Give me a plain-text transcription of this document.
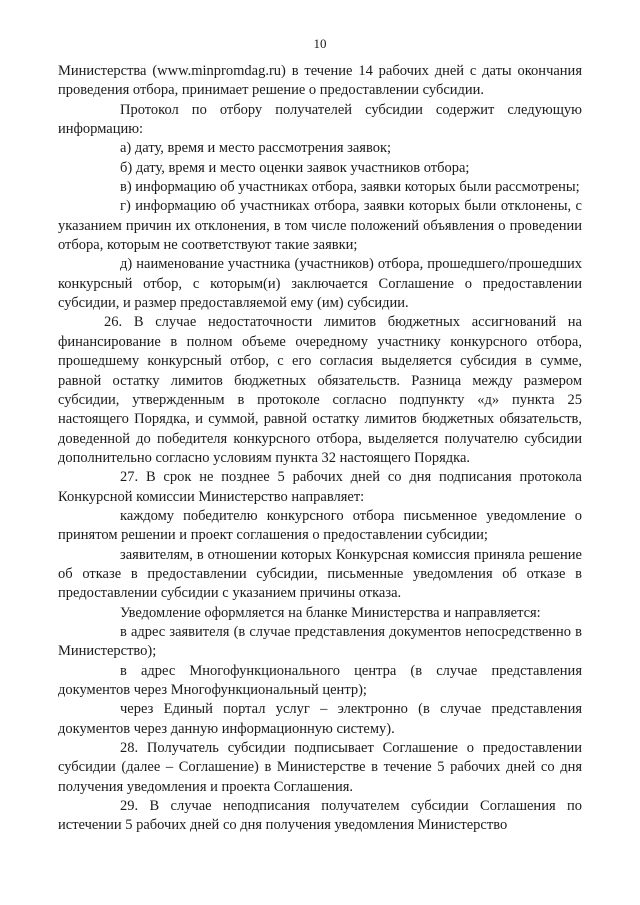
10

Министерства (www.minpromdag.ru) в течение 14 рабочих дней с даты окончания проведения отбора, принимает решение о предоставлении субсидии.

Протокол по отбору получателей субсидии содержит следующую информацию:

а) дату, время и место рассмотрения заявок;

б) дату, время и место оценки заявок участников отбора;

в) информацию об участниках отбора, заявки которых были рассмотрены;

г) информацию об участниках отбора, заявки которых были отклонены, с указанием причин их отклонения, в том числе положений объявления о проведении отбора, которым не соответствуют такие заявки;

д) наименование участника (участников) отбора, прошедшего/прошедших конкурсный отбор, с которым(и) заключается Соглашение о предоставлении субсидии, и размер предоставляемой ему (им) субсидии.

26. В случае недостаточности лимитов бюджетных ассигнований на финансирование в полном объеме очередному участнику конкурсного отбора, прошедшему конкурсный отбор, с его согласия выделяется субсидия в сумме, равной остатку лимитов бюджетных обязательств. Разница между размером субсидии, утвержденным в протоколе согласно подпункту «д» пункта 25 настоящего Порядка, и суммой, равной остатку лимитов бюджетных обязательств, доведенной до победителя конкурсного отбора, выделяется получателю субсидии дополнительно согласно условиям пункта 32 настоящего Порядка.

27. В срок не позднее 5 рабочих дней со дня подписания протокола Конкурсной комиссии Министерство направляет:

каждому победителю конкурсного отбора письменное уведомление о принятом решении и проект соглашения о предоставлении субсидии;

заявителям, в отношении которых Конкурсная комиссия приняла решение об отказе в предоставлении субсидии, письменные уведомления об отказе в предоставлении субсидии с указанием причины отказа.

Уведомление оформляется на бланке Министерства и направляется:

в адрес заявителя (в случае представления документов непосредственно в Министерство);

в адрес Многофункционального центра (в случае представления документов через Многофункциональный центр);

через Единый портал услуг – электронно (в случае представления документов через данную информационную систему).

28. Получатель субсидии подписывает Соглашение о предоставлении субсидии (далее – Соглашение) в Министерстве в течение 5 рабочих дней со дня получения уведомления и проекта Соглашения.

29. В случае неподписания получателем субсидии Соглашения по истечении 5 рабочих дней со дня получения уведомления Министерство
